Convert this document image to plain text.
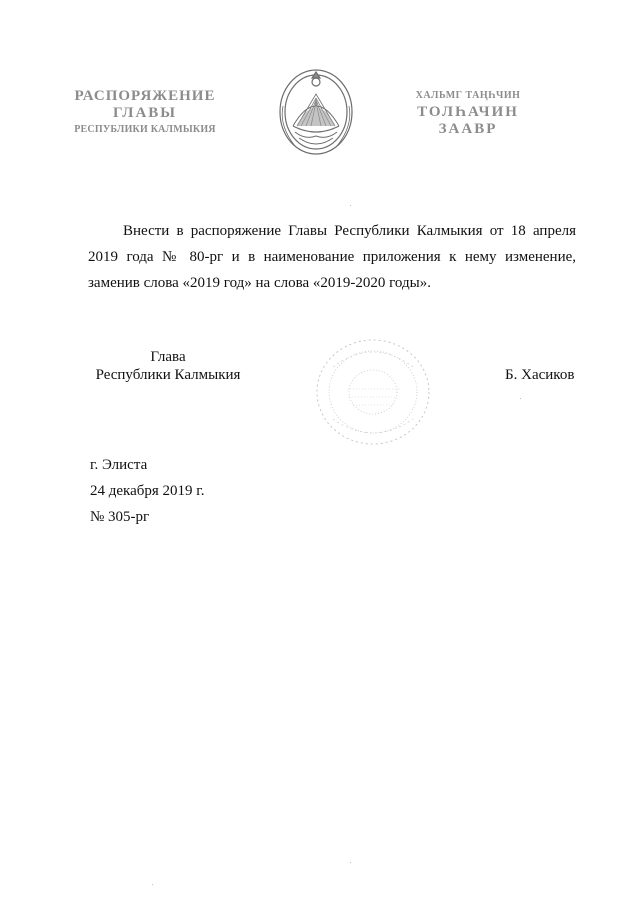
РАСПОРЯЖЕНИЕ
ГЛАВЫ
РЕСПУБЛИКИ КАЛМЫКИЯ
ХАЛЬМГ ТАҢҺЧИН
ТОЛҺАЧИН
ЗААВР

Внести в распоряжение Главы Республики Калмыкия от 18 апреля 2019 года № 80-рг и в наименование приложения к нему изменение, заменив слова «2019 год» на слова «2019-2020 годы».

Глава
Республики Калмыкия	Б. Хасиков
г. Элиста
24 декабря 2019 г.
№ 305-рг
